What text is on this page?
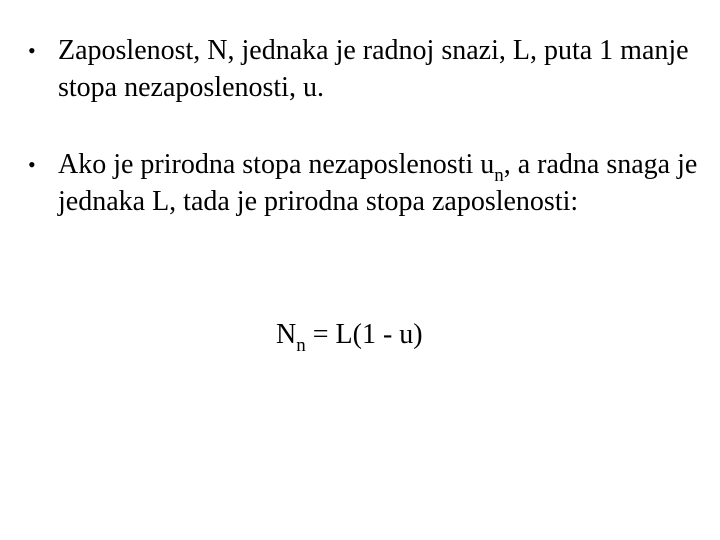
• Zaposlenost, N, jednaka je radnoj snazi, L, puta 1 manje stopa nezaposlenosti, u.
• Ako je prirodna stopa nezaposlenosti $u_n$, a radna snaga je jednaka L, tada je prirodna stopa zaposlenosti:
$N_n = L(1 - u)$
